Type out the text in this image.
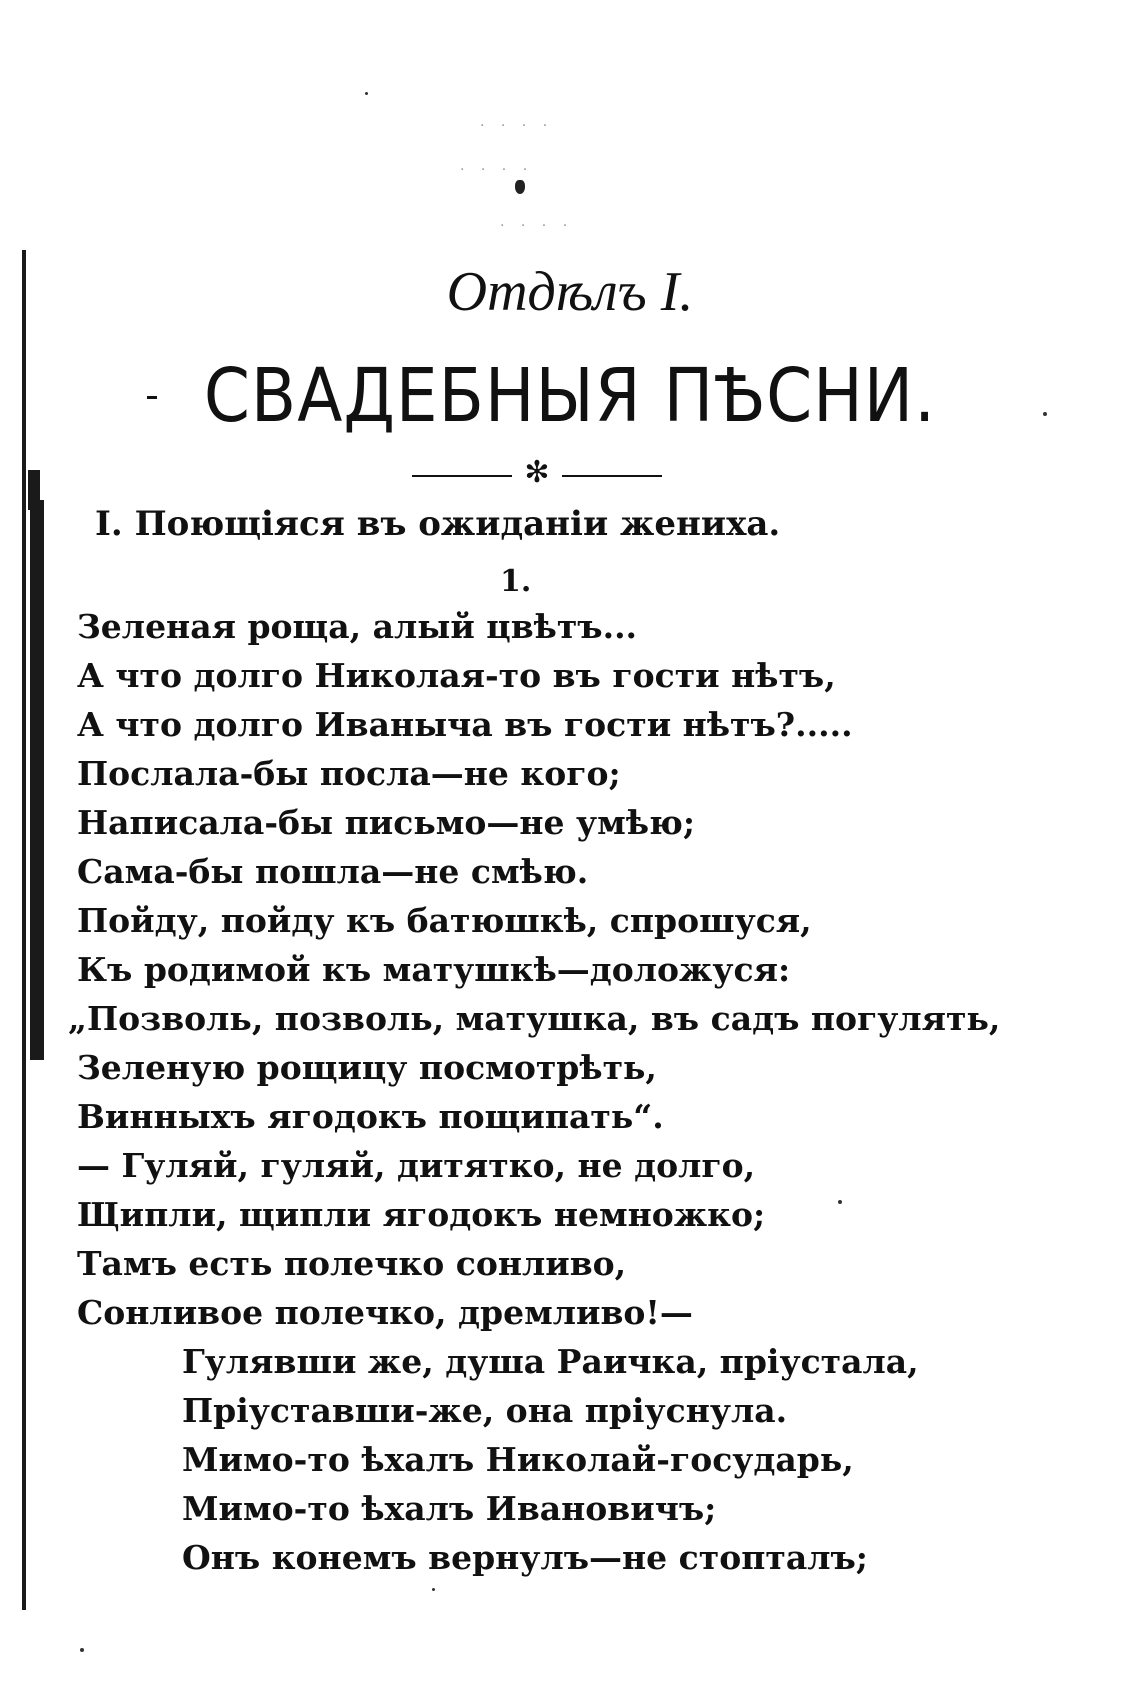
· · · ·
· · · ·
· · · ·
Отдѣлъ I.
СВАДЕБНЫЯ ПѢСНИ.
✻
I. Поющіяся въ ожиданіи жениха.
1.
Зеленая роща, алый цвѣтъ...
А что долго Николая-то въ гости нѣтъ,
А что долго Иваныча въ гости нѣтъ?.....
Послала-бы посла—не кого;
Написала-бы письмо—не умѣю;
Сама-бы пошла—не смѣю.
Пойду, пойду къ батюшкѣ, спрошуся,
Къ родимой къ матушкѣ—доложуся:
„Позволь, позволь, матушка, въ садъ погулять,
Зеленую рощицу посмотрѣть,
Винныхъ ягодокъ пощипать“.
— Гуляй, гуляй, дитятко, не долго,
Щипли, щипли ягодокъ немножко;
Тамъ есть полечко сонливо,
Сонливое полечко, дремливо!—
Гулявши же, душа Раичка, пріустала,
Пріуставши-же, она пріуснула.
Мимо-то ѣхалъ Николай-государь,
Мимо-то ѣхалъ Ивановичъ;
Онъ конемъ вернулъ—не стопталъ;
